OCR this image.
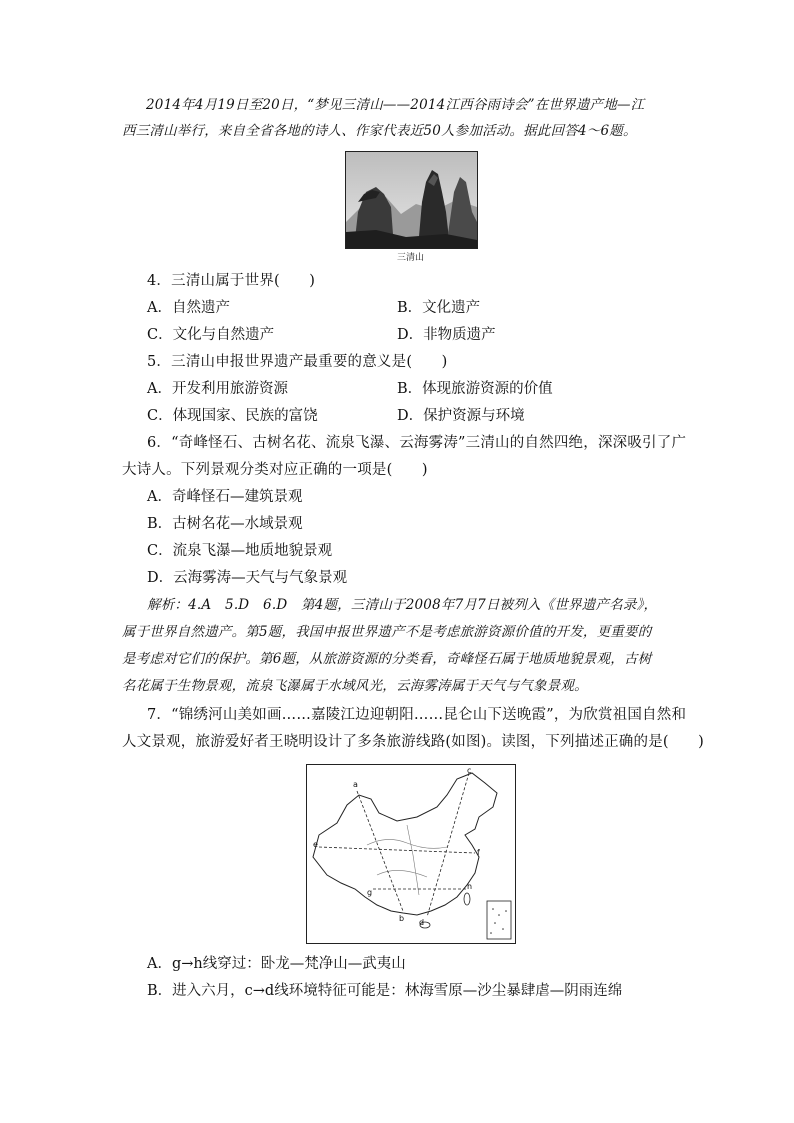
2014年4月19日至20日，“梦见三清山——2014江西谷雨诗会”在世界遗产地—江
西三清山举行，来自全省各地的诗人、作家代表近50人参加活动。据此回答4～6题。
三清山
4．三清山属于世界(　　)
A．自然遗产	B．文化遗产
C．文化与自然遗产	D．非物质遗产
5．三清山申报世界遗产最重要的意义是(　　)
A．开发利用旅游资源	B．体现旅游资源的价值
C．体现国家、民族的富饶	D．保护资源与环境
6．“奇峰怪石、古树名花、流泉飞瀑、云海雾涛”三清山的自然四绝，深深吸引了广
大诗人。下列景观分类对应正确的一项是(　　)
A．奇峰怪石—建筑景观
B．古树名花—水域景观
C．流泉飞瀑—地质地貌景观
D．云海雾涛—天气与气象景观
解析：4.A　5.D　6.D　第4题，三清山于2008年7月7日被列入《世界遗产名录》，
属于世界自然遗产。第5题，我国申报世界遗产不是考虑旅游资源价值的开发，更重要的
是考虑对它们的保护。第6题，从旅游资源的分类看，奇峰怪石属于地质地貌景观，古树
名花属于生物景观，流泉飞瀑属于水域风光，云海雾涛属于天气与气象景观。
7．“锦绣河山美如画……嘉陵江边迎朝阳……昆仑山下送晚霞”，为欣赏祖国自然和
人文景观，旅游爱好者王晓明设计了多条旅游线路(如图)。读图，下列描述正确的是(　　)
a
b
c
d
e
f
g
h
A．g→h线穿过：卧龙—梵净山—武夷山
B．进入六月，c→d线环境特征可能是：林海雪原—沙尘暴肆虐—阴雨连绵
